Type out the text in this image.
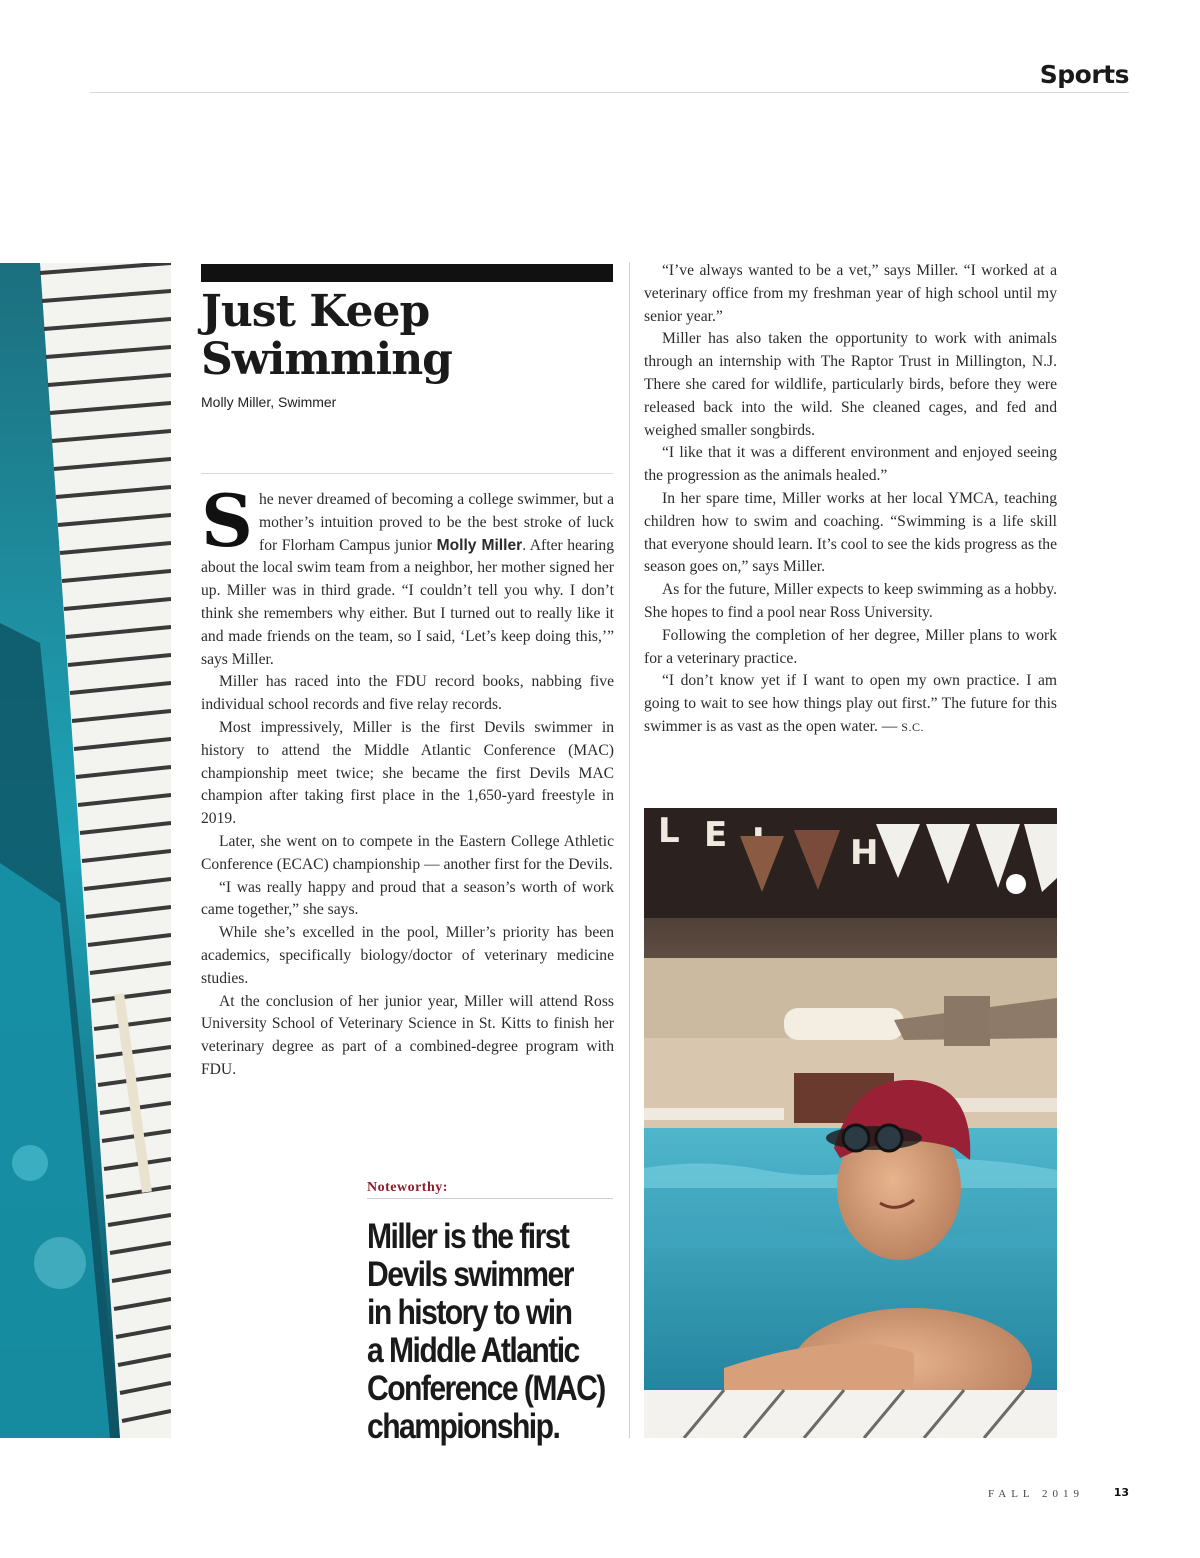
Sports
Just Keep
Swimming
Molly Miller, Swimmer

She never dreamed of becoming a college swimmer, but a mother’s intuition proved to be the best stroke of luck for Florham Campus junior Molly Miller. After hearing about the local swim team from a neighbor, her mother signed her up. Miller was in third grade. “I couldn’t tell you why. I don’t think she remembers why either. But I turned out to really like it and made friends on the team, so I said, ‘Let’s keep doing this,’” says Miller.

Miller has raced into the FDU record books, nabbing five individual school records and five relay records.

Most impressively, Miller is the first Devils swimmer in history to attend the Middle Atlantic Conference (MAC) championship meet twice; she became the first Devils MAC champion after taking first place in the 1,650-yard freestyle in 2019.

Later, she went on to compete in the Eastern College Athletic Conference (ECAC) championship — another first for the Devils.

“I was really happy and proud that a season’s worth of work came together,” she says.

While she’s excelled in the pool, Miller’s priority has been academics, specifically biology/doctor of veterinary medicine studies.

At the conclusion of her junior year, Miller will attend Ross University School of Veterinary Science in St. Kitts to finish her veterinary degree as part of a combined-degree program with FDU.

“I’ve always wanted to be a vet,” says Miller. “I worked at a veterinary office from my freshman year of high school until my senior year.”

Miller has also taken the opportunity to work with animals through an internship with The Raptor Trust in Millington, N.J. There she cared for wildlife, particularly birds, before they were released back into the wild. She cleaned cages, and fed and weighed smaller songbirds.

“I like that it was a different environment and enjoyed seeing the progression as the animals healed.”

In her spare time, Miller works at her local YMCA, teaching children how to swim and coaching. “Swimming is a life skill that everyone should learn. It’s cool to see the kids progress as the season goes on,” says Miller.

As for the future, Miller expects to keep swimming as a hobby. She hopes to find a pool near Ross University.

Following the completion of her degree, Miller plans to work for a veterinary practice.

“I don’t know yet if I want to open my own practice. I am going to wait to see how things play out first.” The future for this swimmer is as vast as the open water. — S.C.

Noteworthy:
Miller is the first
Devils swimmer
in history to win
a Middle Atlantic
Conference (MAC)
championship.
L E	H
FALL 2019	13
